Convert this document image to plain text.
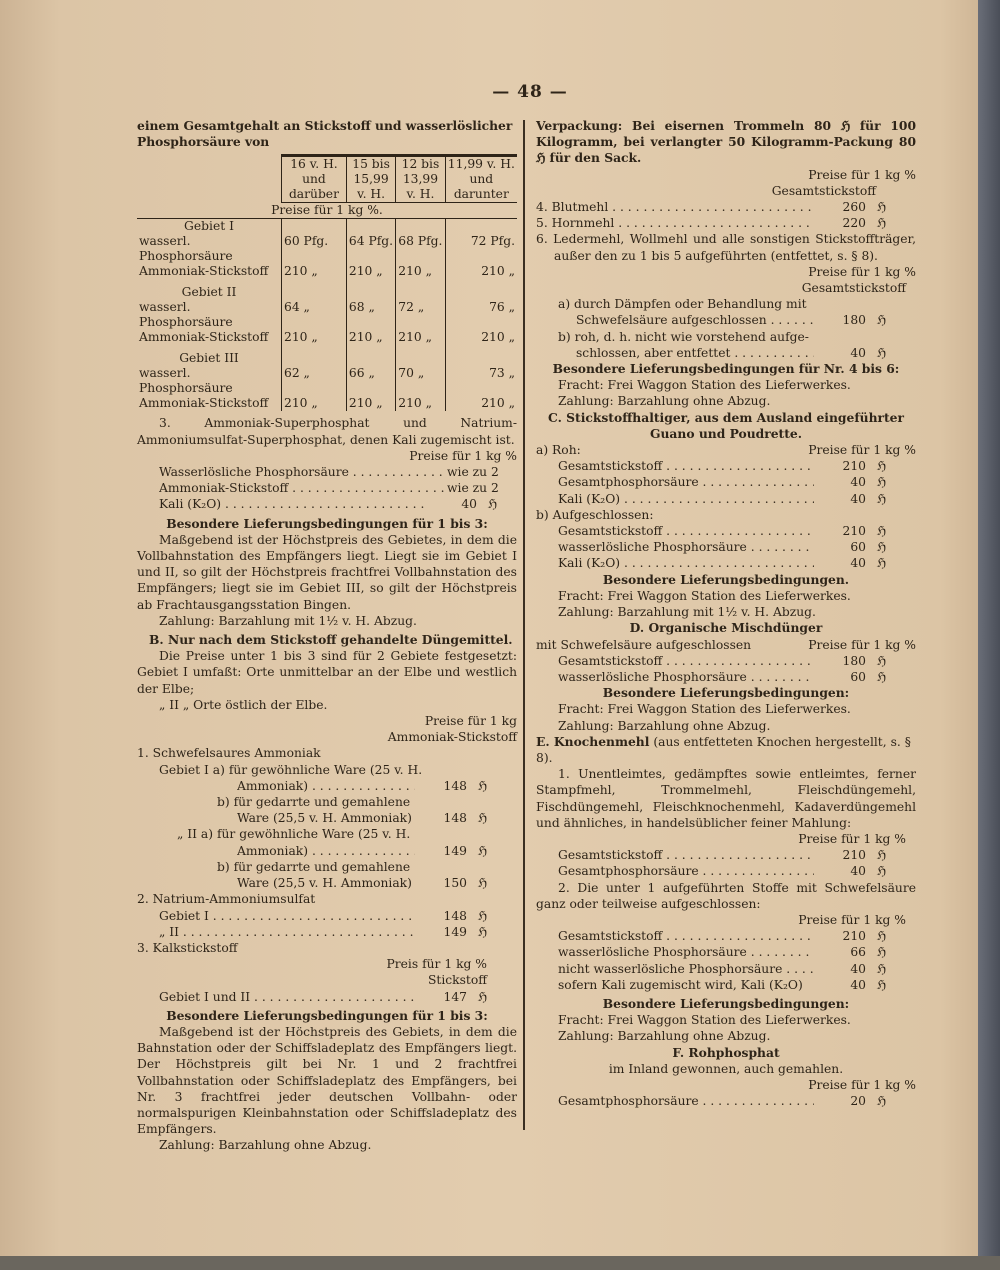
— 48 —
einem Gesamtgehalt an Stickstoff und wasserlöslicher Phosphorsäure von
	16 v. H. und darüber	15 bis 15,99 v. H.	12 bis 13,99 v. H.	11,99 v. H. und darunter
Preise für 1 kg %.				
Gebiet I				
wasserl. Phosphorsäure	60 Pfg.	64 Pfg.	68 Pfg.	72 Pfg.
Ammoniak-Stickstoff	210 „	210 „	210 „	210 „
Gebiet II				
wasserl. Phosphorsäure	64 „	68 „	72 „	76 „
Ammoniak-Stickstoff	210 „	210 „	210 „	210 „
Gebiet III				
wasserl. Phosphorsäure	62 „	66 „	70 „	73 „
Ammoniak-Stickstoff	210 „	210 „	210 „	210 „
3. Ammoniak-Superphosphat und Natrium-Ammoniumsulfat-Superphosphat, denen Kali zugemischt ist.
Preise für 1 kg %
Wasserlösliche Phosphorsäure . . .	wie zu 2
Ammoniak-Stickstoff . . .	wie zu 2
Kali (K₂O) . . .	40 ℌ
Besondere Lieferungsbedingungen für 1 bis 3:
Maßgebend ist der Höchstpreis des Gebietes, in dem die Vollbahnstation des Empfängers liegt. Liegt sie im Gebiet I und II, so gilt der Höchstpreis frachtfrei Vollbahnstation des Empfängers; liegt sie im Gebiet III, so gilt der Höchstpreis ab Frachtausgangsstation Bingen.
Zahlung: Barzahlung mit 1½ v. H. Abzug.
B. Nur nach dem Stickstoff gehandelte Düngemittel.
Die Preise unter 1 bis 3 sind für 2 Gebiete festgesetzt: Gebiet I umfaßt: Orte unmittelbar an der Elbe und westlich der Elbe;
„ II „ Orte östlich der Elbe.
Preise für 1 kg
Ammoniak-Stickstoff
1. Schwefelsaures Ammoniak
Gebiet I a) für gewöhnliche Ware (25 v. H.
Ammoniak) . . .	148 ℌ
b) für gedarrte und gemahlene
Ware (25,5 v. H. Ammoniak) . . .	148 ℌ
„ II a) für gewöhnliche Ware (25 v. H.
Ammoniak) . . .	149 ℌ
b) für gedarrte und gemahlene
Ware (25,5 v. H. Ammoniak) . . .	150 ℌ
2. Natrium-Ammoniumsulfat
Gebiet I . . .	148 ℌ
„ II . . .	149 ℌ
3. Kalkstickstoff
Preis für 1 kg %
Stickstoff
Gebiet I und II . . .	147 ℌ
Besondere Lieferungsbedingungen für 1 bis 3:
Maßgebend ist der Höchstpreis des Gebiets, in dem die Bahnstation oder der Schiffsladeplatz des Empfängers liegt. Der Höchstpreis gilt bei Nr. 1 und 2 frachtfrei Vollbahnstation oder Schiffsladeplatz des Empfängers, bei Nr. 3 frachtfrei jeder deutschen Vollbahn- oder normalspurigen Kleinbahnstation oder Schiffsladeplatz des Empfängers.
Zahlung: Barzahlung ohne Abzug.
Verpackung: Bei eisernen Trommeln 80 ℌ für 100 Kilogramm, bei verlangter 50 Kilogramm-Packung 80 ℌ für den Sack.
Preise für 1 kg %
Gesamtstickstoff
4. Blutmehl . . .	260 ℌ
5. Hornmehl . . .	220 ℌ
6. Ledermehl, Wollmehl und alle sonstigen Stickstoffträger, außer den zu 1 bis 5 aufgeführten (entfettet, s. § 8).
Preise für 1 kg %
Gesamtstickstoff
a) durch Dämpfen oder Behandlung mit
Schwefelsäure aufgeschlossen . . .	180 ℌ
b) roh, d. h. nicht wie vorstehend aufge-
schlossen, aber entfettet . . .	40 ℌ
Besondere Lieferungsbedingungen für Nr. 4 bis 6:
Fracht: Frei Waggon Station des Lieferwerkes.
Zahlung: Barzahlung ohne Abzug.
C. Stickstoffhaltiger, aus dem Ausland eingeführter Guano und Poudrette.
a) Roh:	Preise für 1 kg %
Gesamtstickstoff . . .	210 ℌ
Gesamtphosphorsäure . . .	40 ℌ
Kali (K₂O) . . .	40 ℌ
b) Aufgeschlossen:
Gesamtstickstoff . . .	210 ℌ
wasserlösliche Phosphorsäure . . .	60 ℌ
Kali (K₂O) . . .	40 ℌ
Besondere Lieferungsbedingungen.
Fracht: Frei Waggon Station des Lieferwerkes.
Zahlung: Barzahlung mit 1½ v. H. Abzug.
D. Organische Mischdünger
mit Schwefelsäure aufgeschlossen	Preise für 1 kg %
Gesamtstickstoff . . .	180 ℌ
wasserlösliche Phosphorsäure . . .	60 ℌ
Besondere Lieferungsbedingungen:
Fracht: Frei Waggon Station des Lieferwerkes.
Zahlung: Barzahlung ohne Abzug.
E. Knochenmehl (aus entfetteten Knochen hergestellt, s. § 8).
1. Unentleimtes, gedämpftes sowie entleimtes, ferner Stampfmehl, Trommelmehl, Fleischdüngemehl, Fischdüngemehl, Fleischknochenmehl, Kadaverdüngemehl und ähnliches, in handelsüblicher feiner Mahlung:
Preise für 1 kg %
Gesamtstickstoff . . .	210 ℌ
Gesamtphosphorsäure . . .	40 ℌ
2. Die unter 1 aufgeführten Stoffe mit Schwefelsäure ganz oder teilweise aufgeschlossen:
Preise für 1 kg %
Gesamtstickstoff . . .	210 ℌ
wasserlösliche Phosphorsäure . . .	66 ℌ
nicht wasserlösliche Phosphorsäure . . .	40 ℌ
sofern Kali zugemischt wird, Kali (K₂O)	40 ℌ
Besondere Lieferungsbedingungen:
Fracht: Frei Waggon Station des Lieferwerkes.
Zahlung: Barzahlung ohne Abzug.
F. Rohphosphat
im Inland gewonnen, auch gemahlen.
Preise für 1 kg %
Gesamtphosphorsäure . . .	20 ℌ
